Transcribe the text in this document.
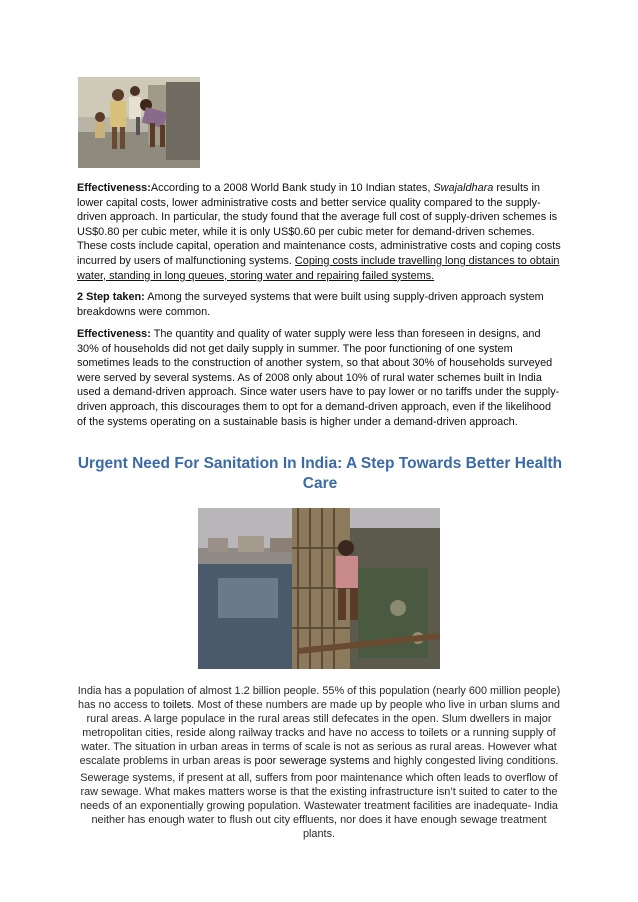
Effectiveness:According to a 2008 World Bank study in 10 Indian states, Swajaldhara results in lower capital costs, lower administrative costs and better service quality compared to the supply-driven approach. In particular, the study found that the average full cost of supply-driven schemes is US$0.80 per cubic meter, while it is only US$0.60 per cubic meter for demand-driven schemes. These costs include capital, operation and maintenance costs, administrative costs and coping costs incurred by users of malfunctioning systems. Coping costs include travelling long distances to obtain water, standing in long queues, storing water and repairing failed systems.

2 Step taken: Among the surveyed systems that were built using supply-driven approach system breakdowns were common.

Effectiveness: The quantity and quality of water supply were less than foreseen in designs, and 30% of households did not get daily supply in summer. The poor functioning of one system sometimes leads to the construction of another system, so that about 30% of households surveyed were served by several systems. As of 2008 only about 10% of rural water schemes built in India used a demand-driven approach. Since water users have to pay lower or no tariffs under the supply-driven approach, this discourages them to opt for a demand-driven approach, even if the likelihood of the systems operating on a sustainable basis is higher under a demand-driven approach.

Urgent Need For Sanitation In India: A Step Towards Better Health Care

India has a population of almost 1.2 billion people. 55% of this population (nearly 600 million people) has no access to toilets. Most of these numbers are made up by people who live in urban slums and rural areas. A large populace in the rural areas still defecates in the open. Slum dwellers in major metropolitan cities, reside along railway tracks and have no access to toilets or a running supply of water. The situation in urban areas in terms of scale is not as serious as rural areas. However what escalate problems in urban areas is poor sewerage systems and highly congested living conditions.

Sewerage systems, if present at all, suffers from poor maintenance which often leads to overflow of raw sewage. What makes matters worse is that the existing infrastructure isn’t suited to cater to the needs of an exponentially growing population. Wastewater treatment facilities are inadequate- India neither has enough water to flush out city effluents, nor does it have enough sewage treatment plants.
